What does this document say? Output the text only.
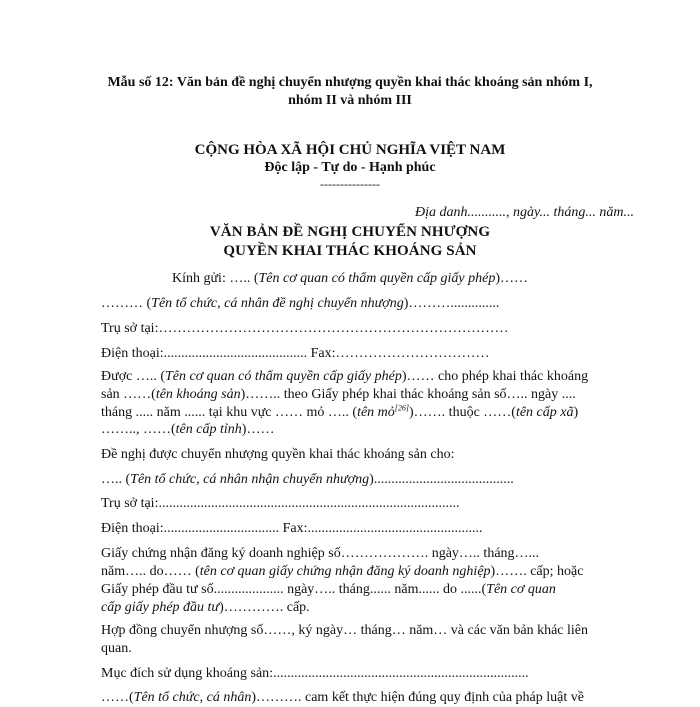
Mẫu số 12: Văn bản đề nghị chuyển nhượng quyền khai thác khoáng sản nhóm I,
nhóm II và nhóm III
CỘNG HÒA XÃ HỘI CHỦ NGHĨA VIỆT NAM
Độc lập - Tự do - Hạnh phúc
---------------
Địa danh..........., ngày... tháng... năm...
VĂN BẢN ĐỀ NGHỊ CHUYỂN NHƯỢNG
QUYỀN KHAI THÁC KHOÁNG SẢN
Kính gửi: ….. (Tên cơ quan có thẩm quyền cấp giấy phép)……
……… (Tên tổ chức, cá nhân đề nghị chuyển nhượng)………..............
Trụ sở tại:…………………………………………………………………
Điện thoại:......................................... Fax:……………………………
Được ….. (Tên cơ quan có thẩm quyền cấp giấy phép)…… cho phép khai thác khoáng
sản ……(tên khoáng sản)…….. theo Giấy phép khai thác khoáng sản số….. ngày ....
tháng ..... năm ...... tại khu vực …… mỏ ….. (tên mỏ[26])……. thuộc ……(tên cấp xã)
…….., ……(tên cấp tỉnh)……
Đề nghị được chuyển nhượng quyền khai thác khoáng sản cho:
….. (Tên tổ chức, cá nhân nhận chuyển nhượng)........................................
Trụ sở tại:......................................................................................
Điện thoại:................................. Fax:..................................................
Giấy chứng nhận đăng ký doanh nghiệp số………………. ngày….. tháng…...
năm….. do…… (tên cơ quan giấy chứng nhận đăng ký doanh nghiệp)……. cấp; hoặc
Giấy phép đầu tư số.................... ngày….. tháng...... năm...... do ......(Tên cơ quan
cấp giấy phép đầu tư)…………. cấp.
Hợp đồng chuyển nhượng số……, ký ngày… tháng… năm… và các văn bản khác liên
quan.
Mục đích sử dụng khoáng sản:.........................................................................
……(Tên tổ chức, cá nhân)………. cam kết thực hiện đúng quy định của pháp luật về
